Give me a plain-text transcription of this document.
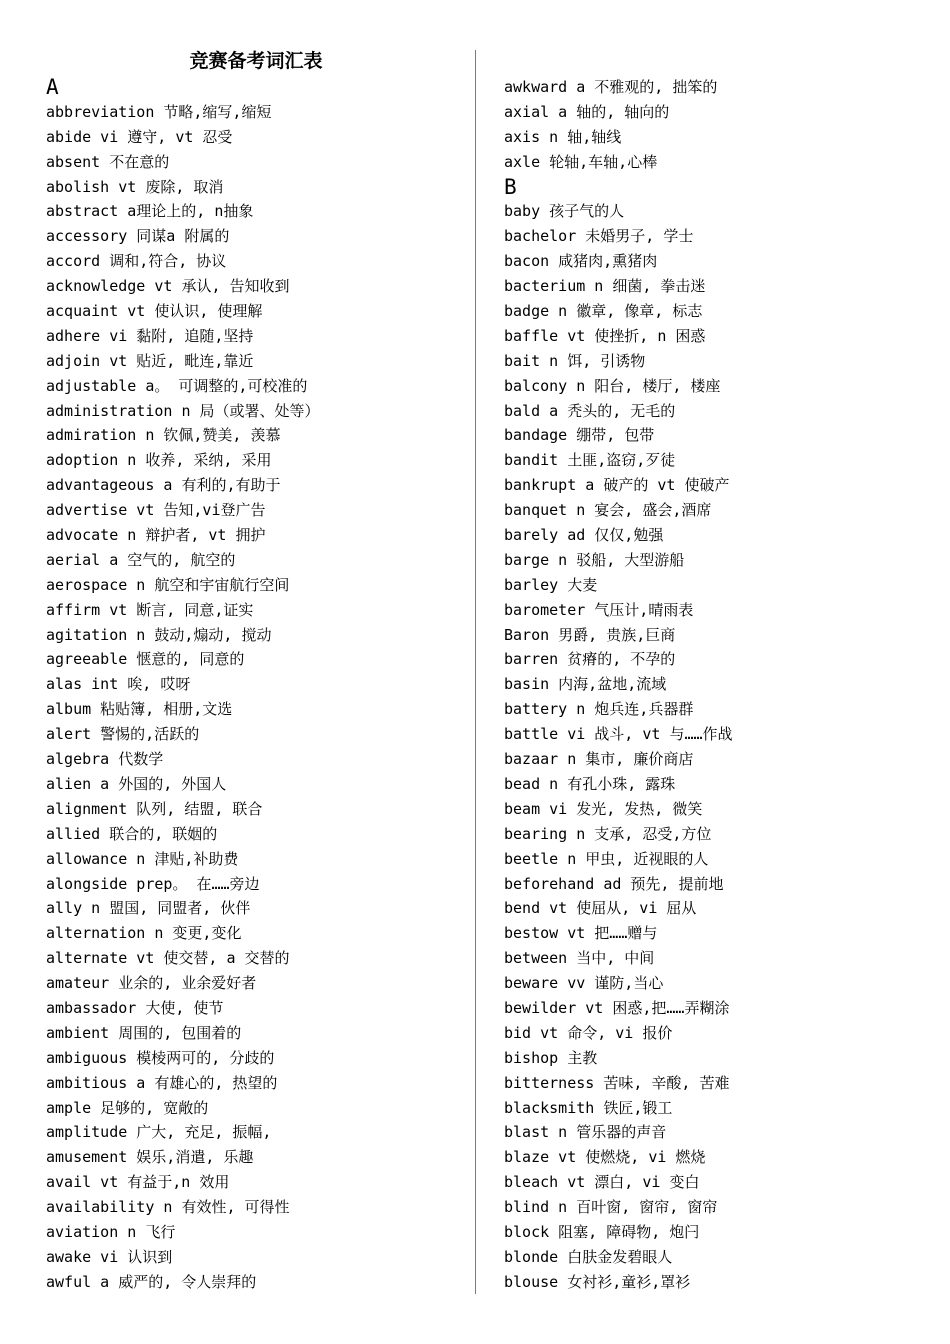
竞赛备考词汇表
A
abbreviation 节略,缩写,缩短
abide vi 遵守, vt 忍受
absent 不在意的
abolish vt 废除, 取消
abstract a理论上的, n抽象
accessory 同谋a 附属的
accord 调和,符合, 协议
acknowledge vt 承认, 告知收到
acquaint vt 使认识, 使理解
adhere vi 黏附, 追随,坚持
adjoin vt 贴近, 毗连,靠近
adjustable a。 可调整的,可校准的
administration n 局（或署、处等）
admiration n 钦佩,赞美, 羡慕
adoption n 收养, 采纳, 采用
advantageous a 有利的,有助于
advertise vt 告知,vi登广告
advocate n 辩护者, vt 拥护
aerial a 空气的, 航空的
aerospace n 航空和宇宙航行空间
affirm vt 断言, 同意,证实
agitation n 鼓动,煽动, 搅动
agreeable 惬意的, 同意的
alas int 唉, 哎呀
album 粘贴簿, 相册,文选
alert 警惕的,活跃的
algebra 代数学
alien a 外国的, 外国人
alignment 队列, 结盟, 联合
allied 联合的, 联姻的
allowance n 津贴,补助费
alongside prep。 在……旁边
ally n 盟国, 同盟者, 伙伴
alternation n 变更,变化
alternate vt 使交替, a 交替的
amateur 业余的, 业余爱好者
ambassador 大使, 使节
ambient 周围的, 包围着的
ambiguous 模棱两可的, 分歧的
ambitious a 有雄心的, 热望的
ample 足够的, 宽敞的
amplitude 广大, 充足, 振幅,
amusement 娱乐,消遣, 乐趣
avail vt 有益于,n 效用
availability n 有效性, 可得性
aviation n 飞行
awake vi 认识到
awful a 威严的, 令人崇拜的
awkward a 不雅观的, 拙笨的
axial a 轴的, 轴向的
axis n 轴,轴线
axle 轮轴,车轴,心棒
B
baby 孩子气的人
bachelor 未婚男子, 学士
bacon 咸猪肉,熏猪肉
bacterium n 细菌, 拳击迷
badge n 徽章, 像章, 标志
baffle vt 使挫折, n 困惑
bait n 饵, 引诱物
balcony n 阳台, 楼厅, 楼座
bald a 秃头的, 无毛的
bandage 绷带, 包带
bandit 土匪,盗窃,歹徒
bankrupt a 破产的 vt 使破产
banquet n 宴会, 盛会,酒席
barely ad 仅仅,勉强
barge n 驳船, 大型游船
barley 大麦
barometer 气压计,晴雨表
Baron 男爵, 贵族,巨商
barren 贫瘠的, 不孕的
basin 内海,盆地,流域
battery n 炮兵连,兵器群
battle vi 战斗, vt 与……作战
bazaar n 集市, 廉价商店
bead n 有孔小珠, 露珠
beam vi 发光, 发热, 微笑
bearing n 支承, 忍受,方位
beetle n 甲虫, 近视眼的人
beforehand ad 预先, 提前地
bend vt 使屈从, vi 屈从
bestow vt 把……赠与
between 当中, 中间
beware vv 谨防,当心
bewilder vt 困惑,把……弄糊涂
bid vt 命令, vi 报价
bishop 主教
bitterness 苦味, 辛酸, 苦难
blacksmith 铁匠,锻工
blast n 管乐器的声音
blaze vt 使燃烧, vi 燃烧
bleach vt 漂白, vi 变白
blind n 百叶窗, 窗帘, 窗帘
block 阻塞, 障碍物, 炮闩
blonde 白肤金发碧眼人
blouse 女衬衫,童衫,罩衫
